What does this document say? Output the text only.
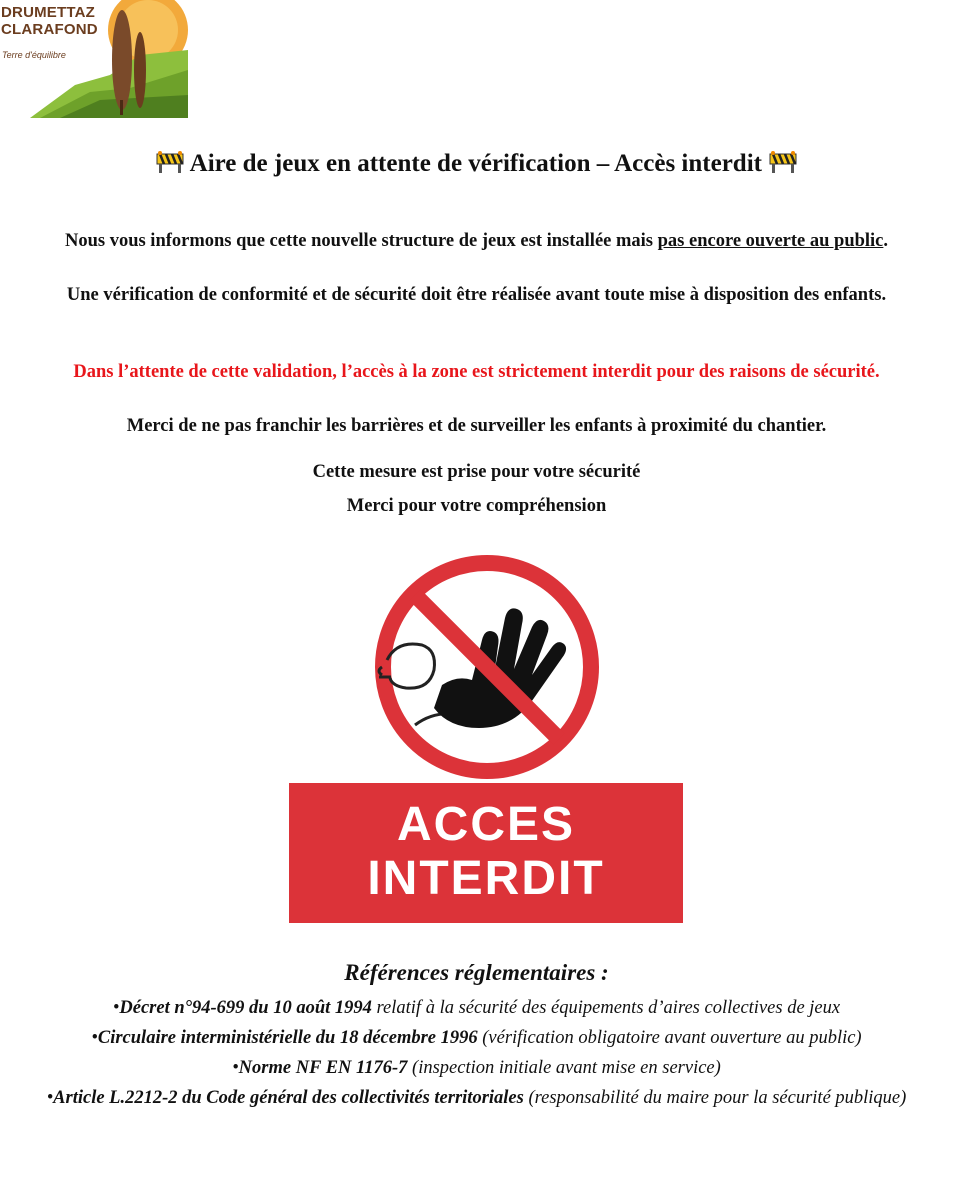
DRUMETTAZ
CLARAFOND
Terre d'équilibre
Aire de jeux en attente de vérification – Accès interdit
Nous vous informons que cette nouvelle structure de jeux est installée mais pas encore ouverte au public.
Une vérification de conformité et de sécurité doit être réalisée avant toute mise à disposition des enfants.
Dans l’attente de cette validation, l’accès à la zone est strictement interdit pour des raisons de sécurité.
Merci de ne pas franchir les barrières et de surveiller les enfants à proximité du chantier.
Cette mesure est prise pour votre sécurité
Merci pour votre compréhension
ACCES
INTERDIT
Références réglementaires :
•Décret n°94-699 du 10 août 1994 relatif à la sécurité des équipements d’aires collectives de jeux
•Circulaire interministérielle du 18 décembre 1996 (vérification obligatoire avant ouverture au public)
•Norme NF EN 1176-7 (inspection initiale avant mise en service)
•Article L.2212-2 du Code général des collectivités territoriales (responsabilité du maire pour la sécurité publique)
